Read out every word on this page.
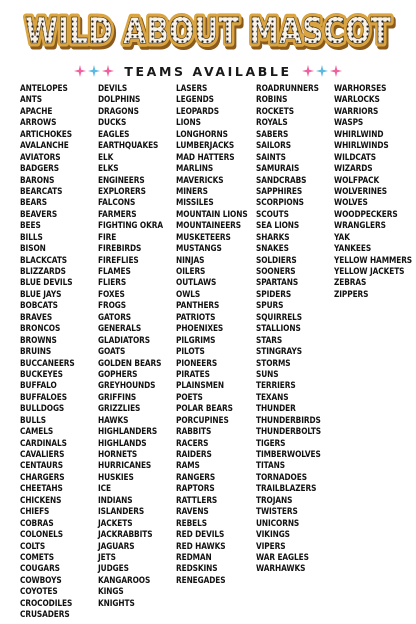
WILD ABOUT MASCOT
WILD ABOUT MASCOT
WILD ABOUT MASCOT
TEAMS AVAILABLE
ANTELOPES
ANTS
APACHE
ARROWS
ARTICHOKES
AVALANCHE
AVIATORS
BADGERS
BARONS
BEARCATS
BEARS
BEAVERS
BEES
BILLS
BISON
BLACKCATS
BLIZZARDS
BLUE DEVILS
BLUE JAYS
BOBCATS
BRAVES
BRONCOS
BROWNS
BRUINS
BUCCANEERS
BUCKEYES
BUFFALO
BUFFALOES
BULLDOGS
BULLS
CAMELS
CARDINALS
CAVALIERS
CENTAURS
CHARGERS
CHEETAHS
CHICKENS
CHIEFS
COBRAS
COLONELS
COLTS
COMETS
COUGARS
COWBOYS
COYOTES
CROCODILES
CRUSADERS
DEVILS
DOLPHINS
DRAGONS
DUCKS
EAGLES
EARTHQUAKES
ELK
ELKS
ENGINEERS
EXPLORERS
FALCONS
FARMERS
FIGHTING OKRA
FIRE
FIREBIRDS
FIREFLIES
FLAMES
FLIERS
FOXES
FROGS
GATORS
GENERALS
GLADIATORS
GOATS
GOLDEN BEARS
GOPHERS
GREYHOUNDS
GRIFFINS
GRIZZLIES
HAWKS
HIGHLANDERS
HIGHLANDS
HORNETS
HURRICANES
HUSKIES
ICE
INDIANS
ISLANDERS
JACKETS
JACKRABBITS
JAGUARS
JETS
JUDGES
KANGAROOS
KINGS
KNIGHTS
LASERS
LEGENDS
LEOPARDS
LIONS
LONGHORNS
LUMBERJACKS
MAD HATTERS
MARLINS
MAVERICKS
MINERS
MISSILES
MOUNTAIN LIONS
MOUNTAINEERS
MUSKETEERS
MUSTANGS
NINJAS
OILERS
OUTLAWS
OWLS
PANTHERS
PATRIOTS
PHOENIXES
PILGRIMS
PILOTS
PIONEERS
PIRATES
PLAINSMEN
POETS
POLAR BEARS
PORCUPINES
RABBITS
RACERS
RAIDERS
RAMS
RANGERS
RAPTORS
RATTLERS
RAVENS
REBELS
RED DEVILS
RED HAWKS
REDMAN
REDSKINS
RENEGADES
ROADRUNNERS
ROBINS
ROCKETS
ROYALS
SABERS
SAILORS
SAINTS
SAMURAIS
SANDCRABS
SAPPHIRES
SCORPIONS
SCOUTS
SEA LIONS
SHARKS
SNAKES
SOLDIERS
SOONERS
SPARTANS
SPIDERS
SPURS
SQUIRRELS
STALLIONS
STARS
STINGRAYS
STORMS
SUNS
TERRIERS
TEXANS
THUNDER
THUNDERBIRDS
THUNDERBOLTS
TIGERS
TIMBERWOLVES
TITANS
TORNADOES
TRAILBLAZERS
TROJANS
TWISTERS
UNICORNS
VIKINGS
VIPERS
WAR EAGLES
WARHAWKS
WARHORSES
WARLOCKS
WARRIORS
WASPS
WHIRLWIND
WHIRLWINDS
WILDCATS
WIZARDS
WOLFPACK
WOLVERINES
WOLVES
WOODPECKERS
WRANGLERS
YAK
YANKEES
YELLOW HAMMERS
YELLOW JACKETS
ZEBRAS
ZIPPERS
